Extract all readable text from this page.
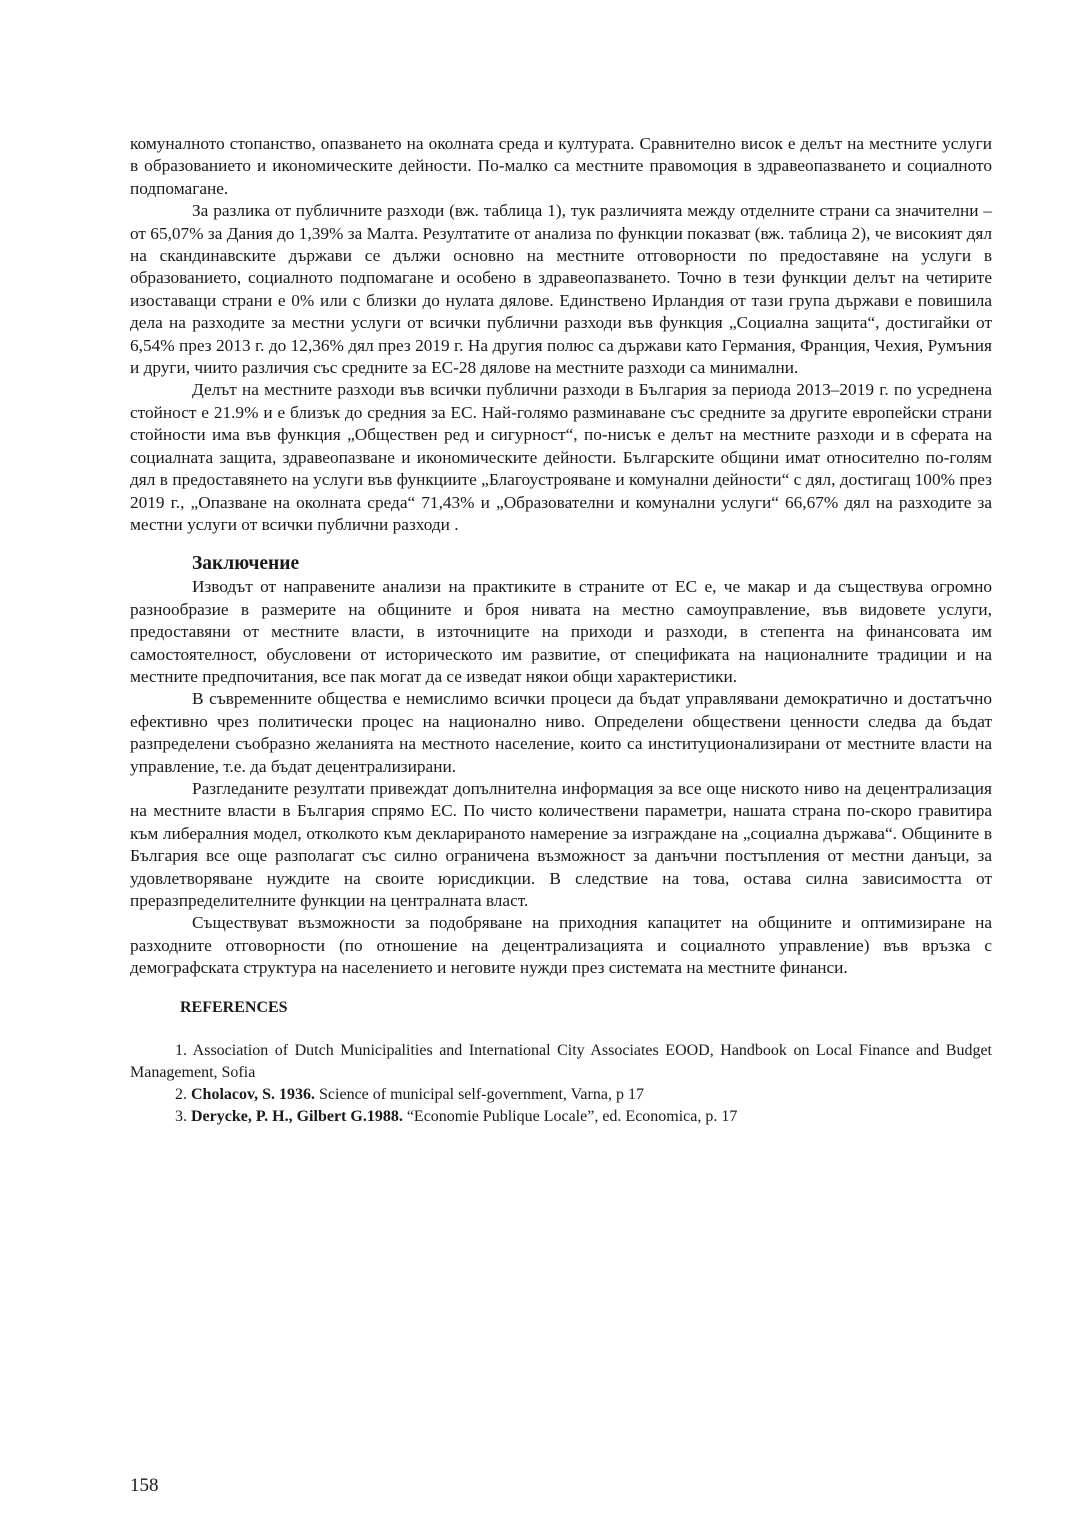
комуналното стопанство, опазването на околната среда и културата. Сравнително висок е делът на местните услуги в образованието и икономическите дейности. По-малко са местните правомоция в здравеопазването и социалното подпомагане.

За разлика от публичните разходи (вж. таблица 1), тук различията между отделните страни са значителни – от 65,07% за Дания до 1,39% за Малта. Резултатите от анализа по функции показват (вж. таблица 2), че високият дял на скандинавските държави се дължи основно на местните отговорности по предоставяне на услуги в образованието, социалното подпомагане и особено в здравеопазването. Точно в тези функции делът на четирите изоставащи страни е 0% или с близки до нулата дялове. Единствено Ирландия от тази група държави е повишила дела на разходите за местни услуги от всички публични разходи във функция „Социална защита“, достигайки от 6,54% през 2013 г. до 12,36% дял през 2019 г. На другия полюс са държави като Германия, Франция, Чехия, Румъния и други, чиито различия със средните за ЕС-28 дялове на местните разходи са минимални.

Делът на местните разходи във всички публични разходи в България за периода 2013–2019 г. по усреднена стойност е 21.9% и е близък до средния за ЕС. Най-голямо разминаване със средните за другите европейски страни стойности има във функция „Обществен ред и сигурност“, по-нисък е делът на местните разходи и в сферата на социалната защита, здравеопазване и икономическите дейности. Българските общини имат относително по-голям дял в предоставянето на услуги във функциите „Благоустрояване и комунални дейности“ с дял, достигащ 100% през 2019 г., „Опазване на околната среда“ 71,43% и „Образователни и комунални услуги“ 66,67% дял на разходите за местни услуги от всички публични разходи .

Заключение

Изводът от направените анализи на практиките в страните от ЕС е, че макар и да съществува огромно разнообразие в размерите на общините и броя нивата на местно самоуправление, във видовете услуги, предоставяни от местните власти, в източниците на приходи и разходи, в степента на финансовата им самостоятелност, обусловени от историческото им развитие, от спецификата на националните традиции и на местните предпочитания, все пак могат да се изведат някои общи характеристики.

В съвременните общества е немислимо всички процеси да бъдат управлявани демократично и достатъчно ефективно чрез политически процес на национално ниво. Определени обществени ценности следва да бъдат разпределени съобразно желанията на местното население, които са институционализирани от местните власти на управление, т.е. да бъдат децентрализирани.

Разгледаните резултати привеждат допълнителна информация за все още ниското ниво на децентрализация на местните власти в България спрямо ЕС. По чисто количествени параметри, нашата страна по-скоро гравитира към либералния модел, отколкото към декларираното намерение за изграждане на „социална държава“. Общините в България все още разполагат със силно ограничена възможност за данъчни постъпления от местни данъци, за удовлетворяване нуждите на своите юрисдикции. В следствие на това, остава силна зависимостта от преразпределителните функции на централната власт.

Съществуват възможности за подобряване на приходния капацитет на общините и оптимизиране на разходните отговорности (по отношение на децентрализацията и социалното управление) във връзка с демографската структура на населението и неговите нужди през системата на местните финанси.

REFERENCES

1. Association of Dutch Municipalities and International City Associates EOOD, Handbook on Local Finance and Budget Management, Sofia

2. Cholacov, S. 1936. Science of municipal self-government, Varna, p 17

3. Derycke, P. H., Gilbert G.1988. “Economie Publique Locale”, ed. Economica, p. 17

158
